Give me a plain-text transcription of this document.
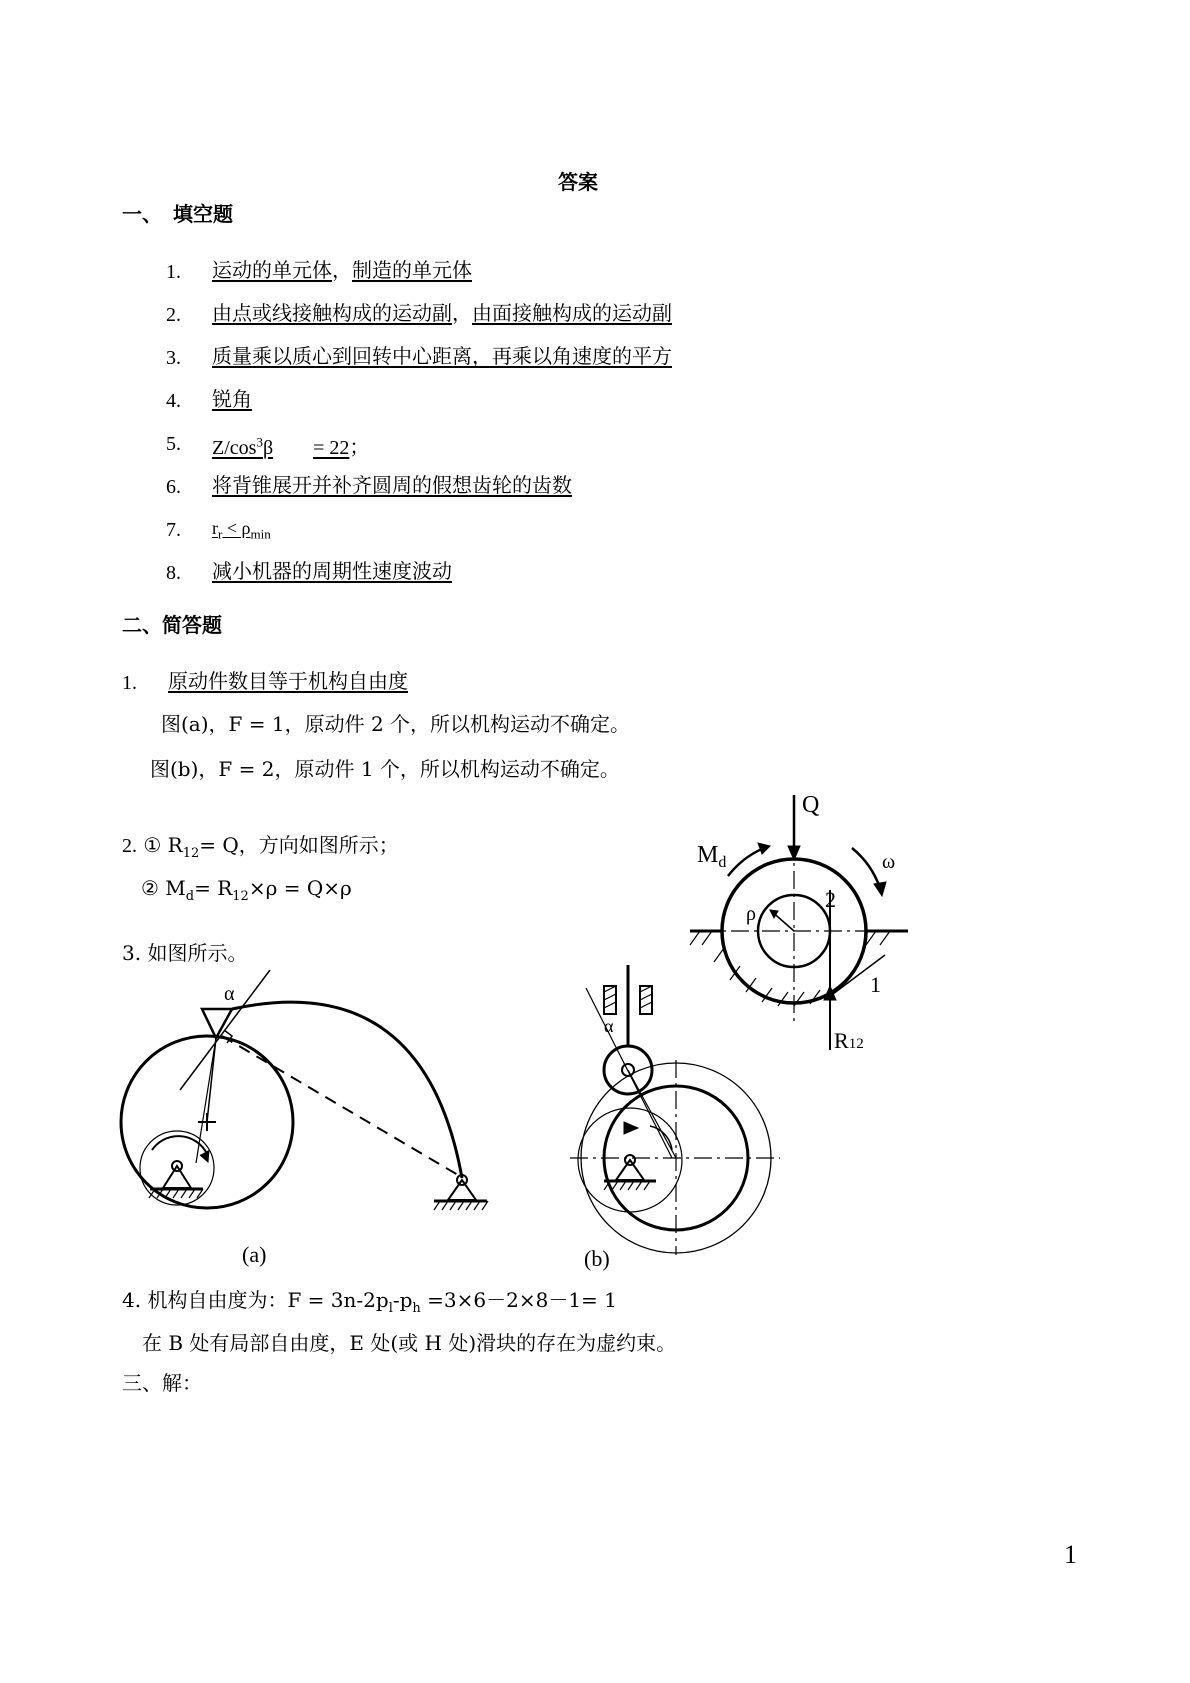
答案
一、 填空题
1. 运动的单元体，制造的单元体
2. 由点或线接触构成的运动副，由面接触构成的运动副
3. 质量乘以质心到回转中心距离，再乘以角速度的平方
4. 锐角
5. $Z/\cos^3\beta = 22$；
6. 将背锥展开并补齐圆周的假想齿轮的齿数
7. $r_r < \rho_{min}$
8. 减小机器的周期性速度波动
二、简答题
1.	原动件数目等于机构自由度
图(a)，F = 1，原动件 2 个，所以机构运动不确定。
图(b)，F = 2，原动件 1 个，所以机构运动不确定。
2. ① $R_{12}= Q$，方向如图所示；
② $M_d= R_{12}\times\rho = Q\times\rho$
3. 如图所示。
α
(a)
α
(b)
Q
$M_d$	ω
ρ
2
1
R12
4. 机构自由度为：$F = 3n-2p_l-p_h =3\times 6-2\times 8-1= 1$
在 B 处有局部自由度，E 处(或 H 处)滑块的存在为虚约束。
三、解：
1
